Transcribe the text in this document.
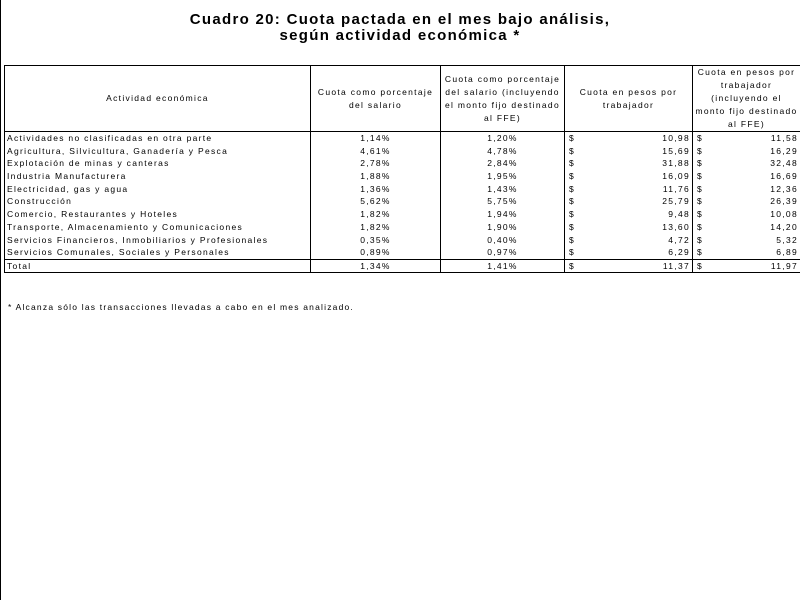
Cuadro 20: Cuota pactada en el mes bajo análisis,
según actividad económica *
Actividad económica	Cuota como porcentaje del salario	Cuota como porcentaje del salario (incluyendo el monto fijo destinado al FFE)	Cuota en pesos por trabajador	Cuota en pesos por trabajador (incluyendo el monto fijo destinado al FFE)
Actividades no clasificadas en otra parte	1,14%	1,20%	$ 10,98	$ 11,58
Agricultura, Silvicultura, Ganadería y Pesca	4,61%	4,78%	$ 15,69	$ 16,29
Explotación de minas y canteras	2,78%	2,84%	$ 31,88	$ 32,48
Industria Manufacturera	1,88%	1,95%	$ 16,09	$ 16,69
Electricidad, gas y agua	1,36%	1,43%	$ 11,76	$ 12,36
Construcción	5,62%	5,75%	$ 25,79	$ 26,39
Comercio, Restaurantes y Hoteles	1,82%	1,94%	$ 9,48	$ 10,08
Transporte, Almacenamiento y Comunicaciones	1,82%	1,90%	$ 13,60	$ 14,20
Servicios Financieros, Inmobiliarios y Profesionales	0,35%	0,40%	$ 4,72	$ 5,32
Servicios Comunales, Sociales y Personales	0,89%	0,97%	$ 6,29	$ 6,89
Total	1,34%	1,41%	$ 11,37	$ 11,97
* Alcanza sólo las transacciones llevadas a cabo en el mes analizado.
